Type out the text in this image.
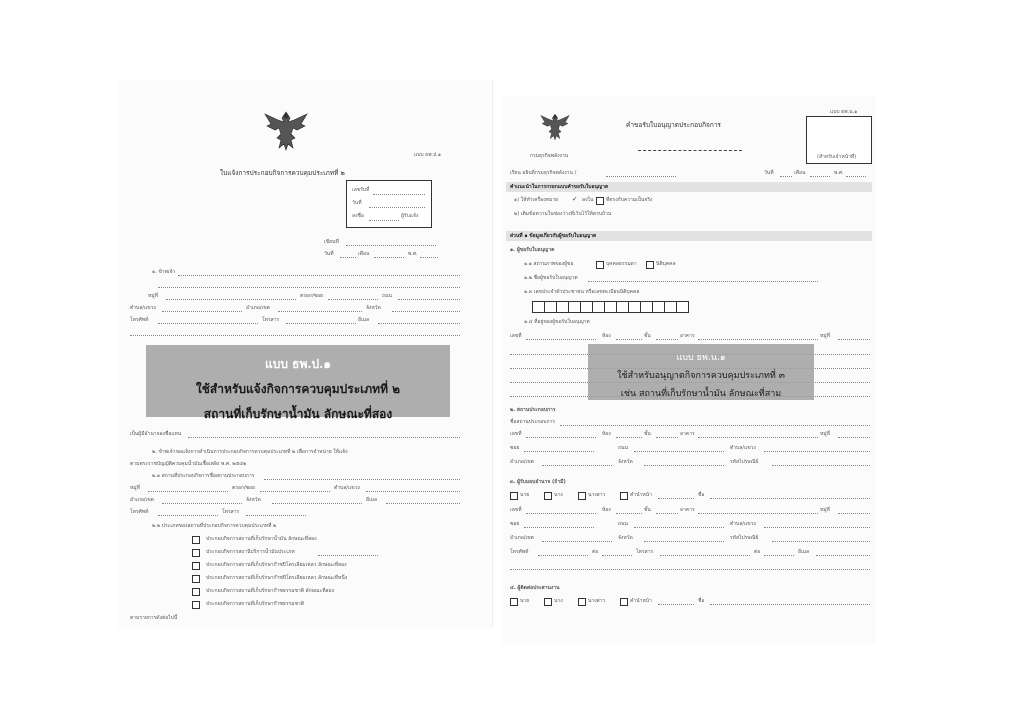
แบบ ธพ.ป.๑
ใบแจ้งการประกอบกิจการควบคุมประเภทที่ ๒
เลขรับที่
วันที่
ลงชื่อ	ผู้รับแจ้ง
เขียนที่
วันที่	เดือน	พ.ศ.
๑. ข้าพเจ้า
หมู่ที่	ตรอก/ซอย	ถนน
ตำบล/แขวง	อำเภอ/เขต	จังหวัด
โทรศัพท์	โทรสาร	อีเมล
แบบ ธพ.ป.๑
ใช้สำหรับแจ้งกิจการควบคุมประเภทที่ ๒
สถานที่เก็บรักษาน้ำมัน ลักษณะที่สอง
เป็นผู้มีอำนาจลงชื่อแทน
๒. ข้าพเจ้าขอแจ้งการดำเนินการประกอบกิจการควบคุมประเภทที่ ๒ เพื่อการจำหน่าย ให้แจ้ง
ตามพระราชบัญญัติควบคุมน้ำมันเชื้อเพลิง พ.ศ. ๒๕๔๒
๒.๑ สถานที่ประกอบกิจการชื่อสถานประกอบการ
หมู่ที่	ตรอก/ซอย	ตำบล/แขวง
อำเภอ/เขต	จังหวัด	อีเมล
โทรศัพท์	โทรสาร
๒.๒ ประเภทของสถานที่ประกอบกิจการควบคุมประเภทที่ ๒
ประกอบกิจการสถานที่เก็บรักษาน้ำมัน ลักษณะที่สอง
ประกอบกิจการสถานีบริการน้ำมันประเภท
ประกอบกิจการสถานที่เก็บรักษาก๊าซปิโตรเลียมเหลว ลักษณะที่สอง
ประกอบกิจการสถานที่เก็บรักษาก๊าซปิโตรเลียมเหลว ลักษณะที่หนึ่ง
ประกอบกิจการสถานที่เก็บรักษาก๊าซธรรมชาติ ลักษณะที่สอง
ประกอบกิจการสถานที่เก็บรักษาก๊าซธรรมชาติ
ตามรายการดังต่อไปนี้
แบบ ธพ.น.๑
คำขอรับใบอนุญาตประกอบกิจการ
กรมธุรกิจพลังงาน	(สำหรับเจ้าหน้าที่)
เรียน อธิบดีกรมธุรกิจพลังงาน /	วันที่	เดือน	พ.ศ.
คำแนะนำในการกรอกแบบคำขอรับใบอนุญาต
๑) ให้ทำเครื่องหมาย ✓ ลงใน	ที่ตรงกับความเป็นจริง
๒) เติมข้อความในช่องว่างที่เว้นไว้ให้ครบถ้วน
ส่วนที่ ๑ ข้อมูลเกี่ยวกับผู้ขอรับใบอนุญาต
๑. ผู้ขอรับใบอนุญาต
๑.๑ สถานภาพของผู้ขอ	บุคคลธรรมดา	นิติบุคคล
๑.๒ ชื่อผู้ขอรับใบอนุญาต
๑.๓ เลขประจำตัวประชาชน หรือเลขทะเบียนนิติบุคคล
๑.๔ ที่อยู่ของผู้ขอรับใบอนุญาต
เลขที่	ห้อง	ชั้น	อาคาร	หมู่ที่
แบบ ธพ.น.๑
ใช้สำหรับอนุญาตกิจการควบคุมประเภทที่ ๓
เช่น สถานที่เก็บรักษาน้ำมัน ลักษณะที่สาม
๒. สถานประกอบการ
ชื่อสถานประกอบการ
เลขที่	ห้อง	ชั้น	อาคาร	หมู่ที่
ซอย	ถนน	ตำบล/แขวง
อำเภอ/เขต	จังหวัด	รหัสไปรษณีย์
๓. ผู้รับมอบอำนาจ (ถ้ามี)
นาย	นาง	นางสาว	คำนำหน้า	ชื่อ
เลขที่	ห้อง	ชั้น	อาคาร	หมู่ที่
ซอย	ถนน	ตำบล/แขวง
อำเภอ/เขต	จังหวัด	รหัสไปรษณีย์
โทรศัพท์	ต่อ	โทรสาร	ต่อ	อีเมล
๔. ผู้ติดต่อประสานงาน
นาย	นาง	นางสาว	คำนำหน้า	ชื่อ
